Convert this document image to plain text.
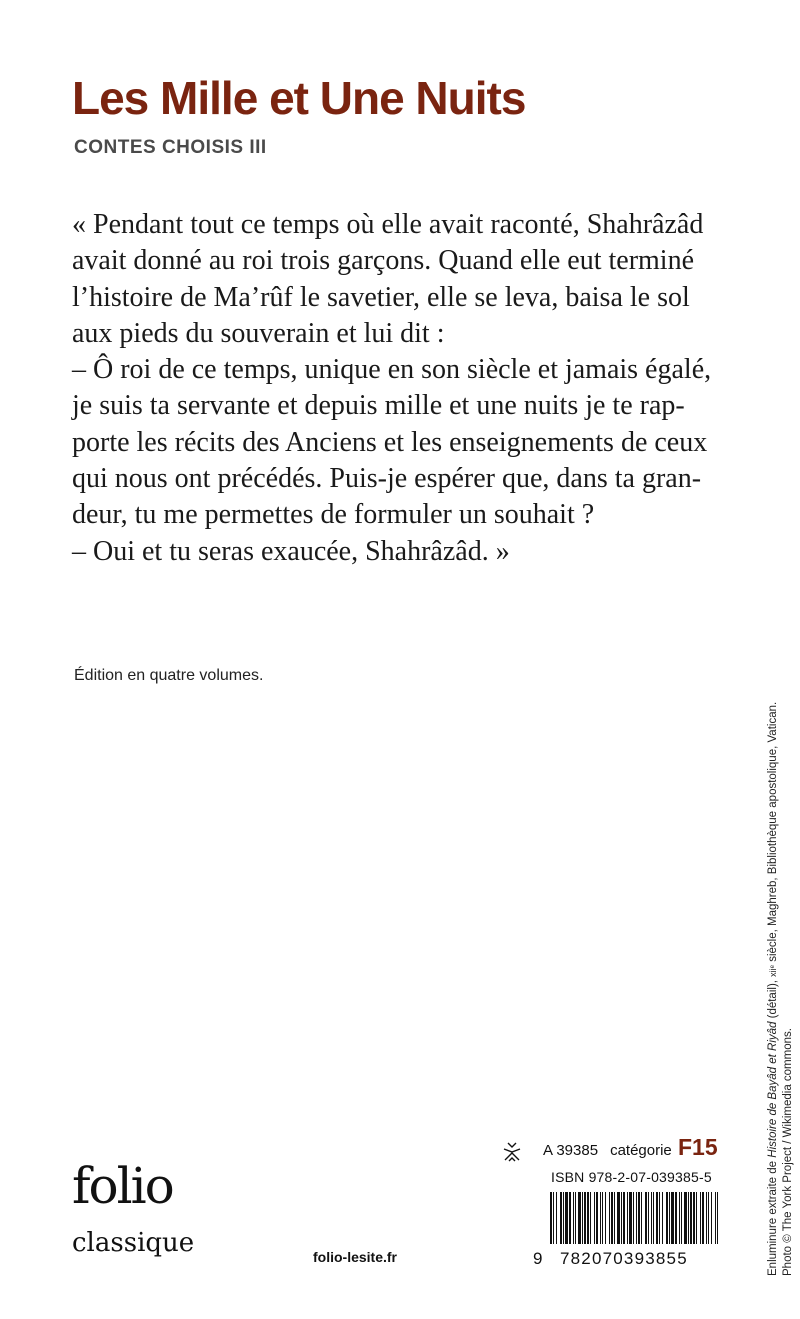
Les Mille et Une Nuits
CONTES CHOISIS III
« Pendant tout ce temps où elle avait raconté, Shahrâzâd
avait donné au roi trois garçons. Quand elle eut terminé
l’histoire de Ma’rûf le savetier, elle se leva, baisa le sol
aux pieds du souverain et lui dit :
– Ô roi de ce temps, unique en son siècle et jamais égalé,
je suis ta servante et depuis mille et une nuits je te rap-
porte les récits des Anciens et les enseignements de ceux
qui nous ont précédés. Puis-je espérer que, dans ta gran-
deur, tu me permettes de formuler un souhait ?
– Oui et tu seras exaucée, Shahrâzâd. »
Édition en quatre volumes.
Enluminure extraite de Histoire de Bayâd et Riyâd (détail), xiiᵉ siècle, Maghreb, Bibliothèque apostolique, Vatican.
Photo © The York Project / Wikimedia commons.
folio
classique	folio-lesite.fr
A 39385 catégorie F15
ISBN 978-2-07-039385-5
9 782070393855
